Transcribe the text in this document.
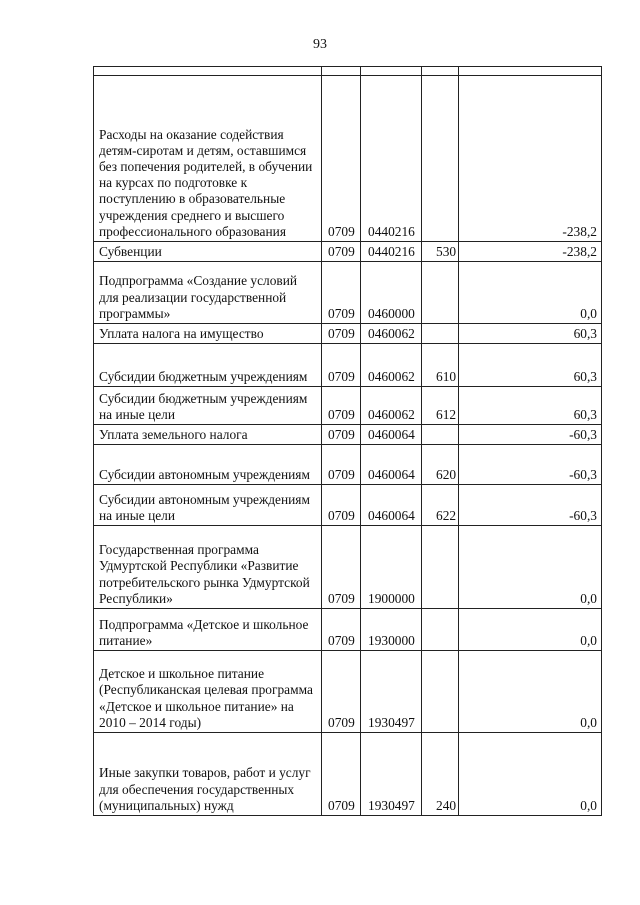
93

Расходы на оказание содействия детям-сиротам и детям, оставшимся без попечения родителей, в обучении на курсах по подготовке к поступлению в образовательные учреждения среднего и высшего профессионального образования	0709	0440216		-238,2
Субвенции	0709	0440216	530	-238,2
Подпрограмма «Создание условий для реализации государственной программы»	0709	0460000		0,0
Уплата налога на имущество	0709	0460062		60,3
Субсидии бюджетным учреждениям	0709	0460062	610	60,3
Субсидии бюджетным учреждениям на иные цели	0709	0460062	612	60,3
Уплата земельного налога	0709	0460064		-60,3
Субсидии автономным учреждениям	0709	0460064	620	-60,3
Субсидии автономным учреждениям на иные цели	0709	0460064	622	-60,3
Государственная программа Удмуртской Республики «Развитие потребительского рынка Удмуртской Республики»	0709	1900000		0,0
Подпрограмма «Детское и школьное питание»	0709	1930000		0,0
Детское и школьное питание (Республиканская целевая программа «Детское и школьное питание» на 2010 – 2014 годы)	0709	1930497		0,0
Иные закупки товаров, работ и услуг для обеспечения государственных (муниципальных) нужд	0709	1930497	240	0,0
